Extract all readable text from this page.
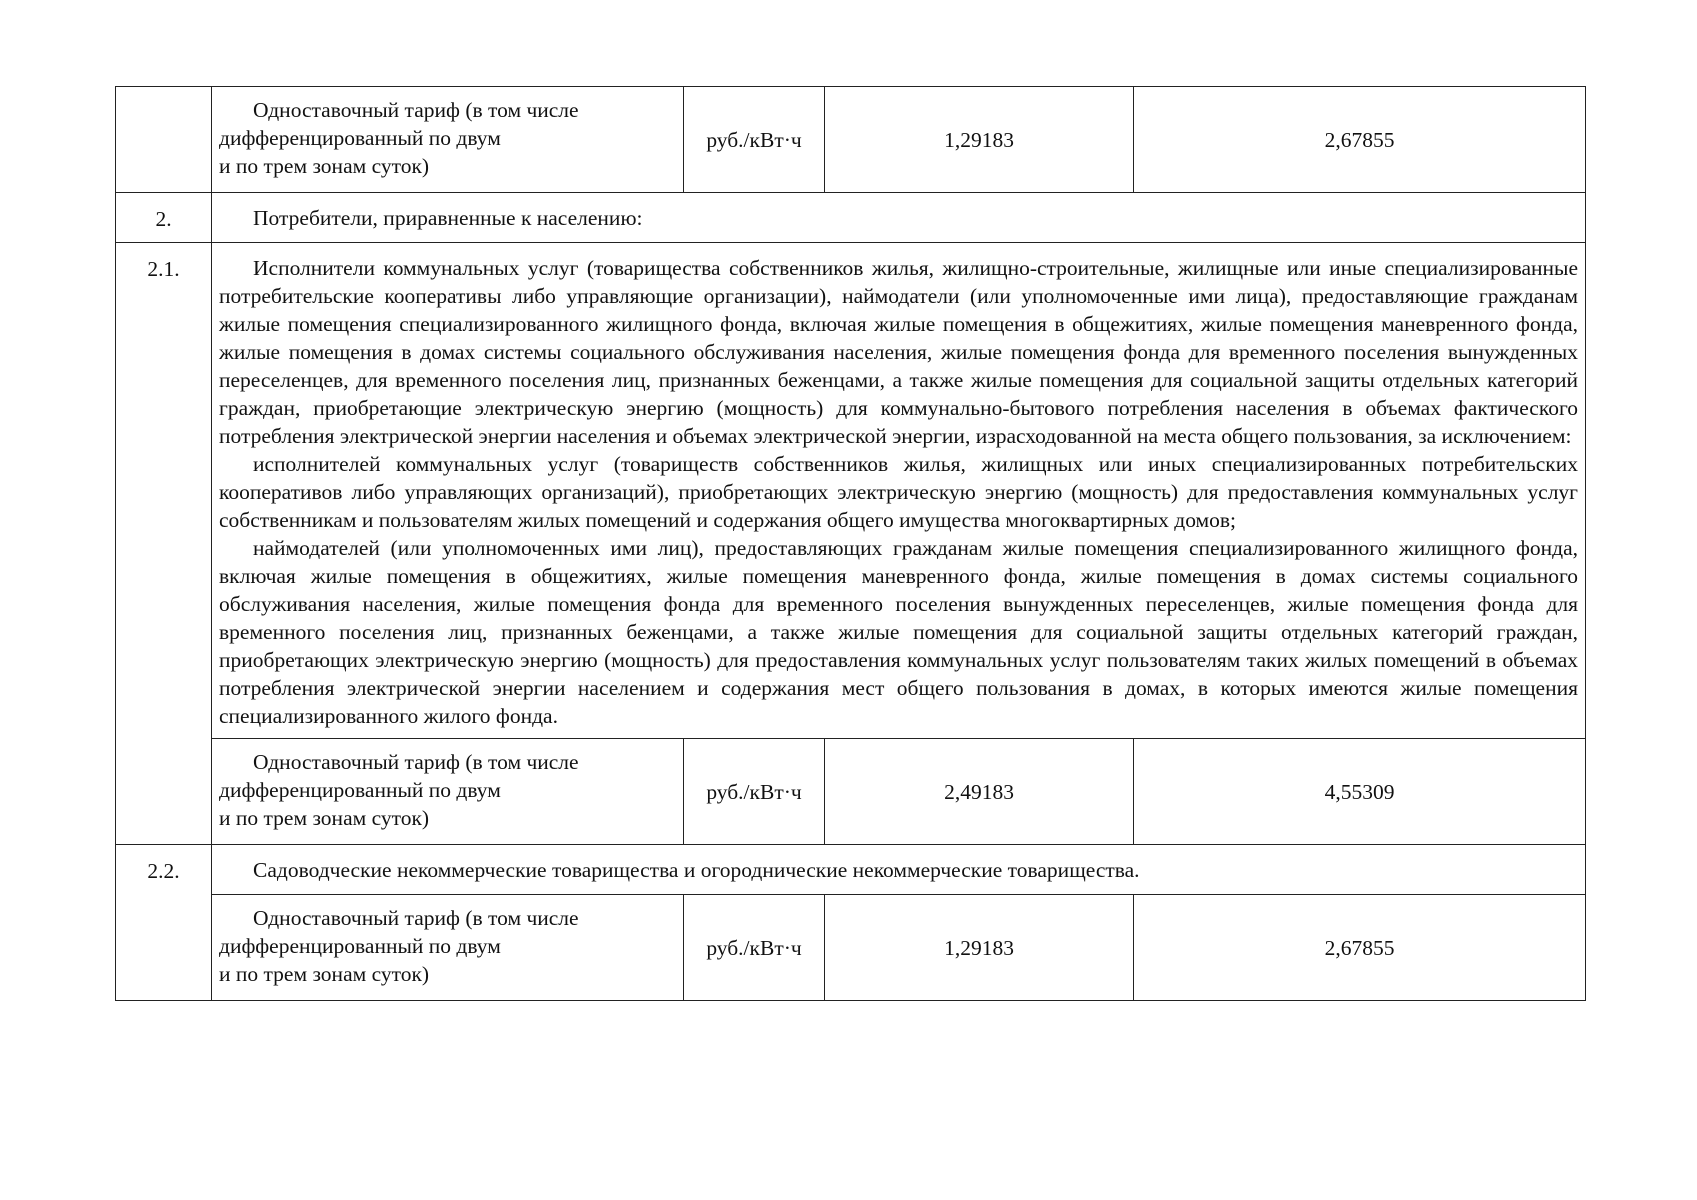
	Одноставочный тариф (в том числе
дифференцированный по двум
и по трем зонам суток)	руб./кВт·ч	1,29183	2,67855
2.	Потребители, приравненные к населению:			

2.1.	Исполнители коммунальных услуг (товарищества собственников жилья, жилищно-строительные, жилищные или иные специализированные потребительские кооперативы либо управляющие организации), наймодатели (или уполномоченные ими лица), предоставляющие гражданам жилые помещения специализированного жилищного фонда, включая жилые помещения в общежитиях, жилые помещения маневренного фонда, жилые помещения в домах системы социального обслуживания населения, жилые помещения фонда для временного поселения вынужденных переселенцев, для временного поселения лиц, признанных беженцами, а также жилые помещения для социальной защиты отдельных категорий граждан, приобретающие электрическую энергию (мощность) для коммунально-бытового потребления населения в объемах фактического потребления электрической энергии населения и объемах электрической энергии, израсходованной на места общего пользования, за исключением:

исполнителей коммунальных услуг (товариществ собственников жилья, жилищных или иных специализированных потребительских кооперативов либо управляющих организаций), приобретающих электрическую энергию (мощность) для предоставления коммунальных услуг собственникам и пользователям жилых помещений и содержания общего имущества многоквартирных домов;

наймодателей (или уполномоченных ими лиц), предоставляющих гражданам жилые помещения специализированного жилищного фонда, включая жилые помещения в общежитиях, жилые помещения маневренного фонда, жилые помещения в домах системы социального обслуживания населения, жилые помещения фонда для временного поселения вынужденных переселенцев, жилые помещения фонда для временного поселения лиц, признанных беженцами, а также жилые помещения для социальной защиты отдельных категорий граждан, приобретающих электрическую энергию (мощность) для предоставления коммунальных услуг пользователям таких жилых помещений в объемах потребления электрической энергии населением и содержания мест общего пользования в домах, в которых имеются жилые помещения специализированного жилого фонда.			

	Одноставочный тариф (в том числе
дифференцированный по двум
и по трем зонам суток)	руб./кВт·ч	2,49183	4,55309
2.2.	Садоводческие некоммерческие товарищества и огороднические некоммерческие товарищества.			

	Одноставочный тариф (в том числе
дифференцированный по двум
и по трем зонам суток)	руб./кВт·ч	1,29183	2,67855
